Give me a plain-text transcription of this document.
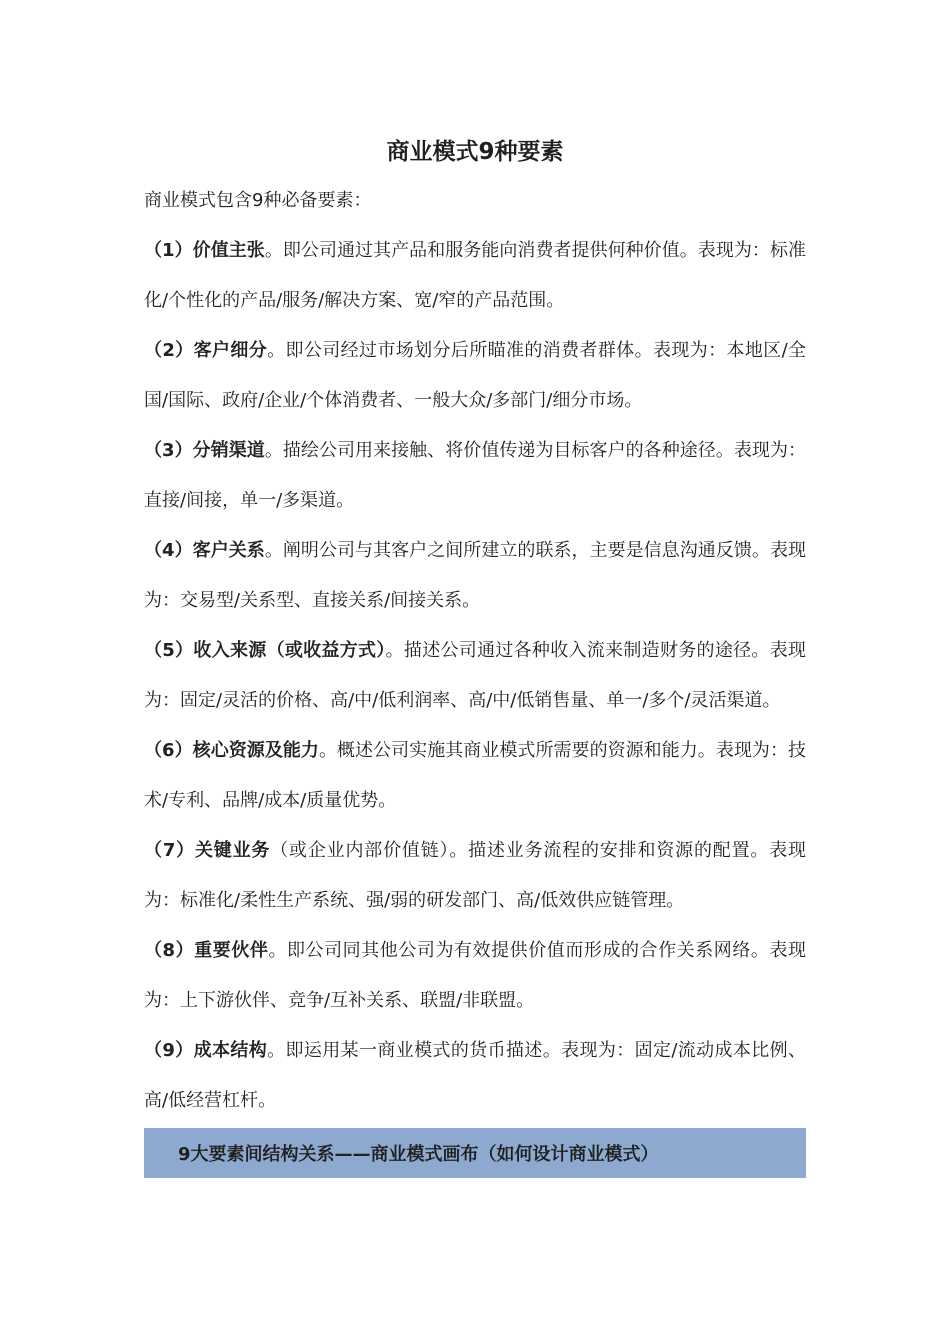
商业模式9种要素

商业模式包含9种必备要素：

（1）价值主张。即公司通过其产品和服务能向消费者提供何种价值。表现为：标准化/个性化的产品/服务/解决方案、宽/窄的产品范围。

（2）客户细分。即公司经过市场划分后所瞄准的消费者群体。表现为：本地区/全国/国际、政府/企业/个体消费者、一般大众/多部门/细分市场。

（3）分销渠道。描绘公司用来接触、将价值传递为目标客户的各种途径。表现为：直接/间接，单一/多渠道。

（4）客户关系。阐明公司与其客户之间所建立的联系，主要是信息沟通反馈。表现为：交易型/关系型、直接关系/间接关系。

（5）收入来源（或收益方式）。描述公司通过各种收入流来制造财务的途径。表现为：固定/灵活的价格、高/中/低利润率、高/中/低销售量、单一/多个/灵活渠道。

（6）核心资源及能力。概述公司实施其商业模式所需要的资源和能力。表现为：技术/专利、品牌/成本/质量优势。

（7）关键业务（或企业内部价值链）。描述业务流程的安排和资源的配置。表现为：标准化/柔性生产系统、强/弱的研发部门、高/低效供应链管理。

（8）重要伙伴。即公司同其他公司为有效提供价值而形成的合作关系网络。表现为：上下游伙伴、竞争/互补关系、联盟/非联盟。

（9）成本结构。即运用某一商业模式的货币描述。表现为：固定/流动成本比例、高/低经营杠杆。

9大要素间结构关系——商业模式画布（如何设计商业模式）
